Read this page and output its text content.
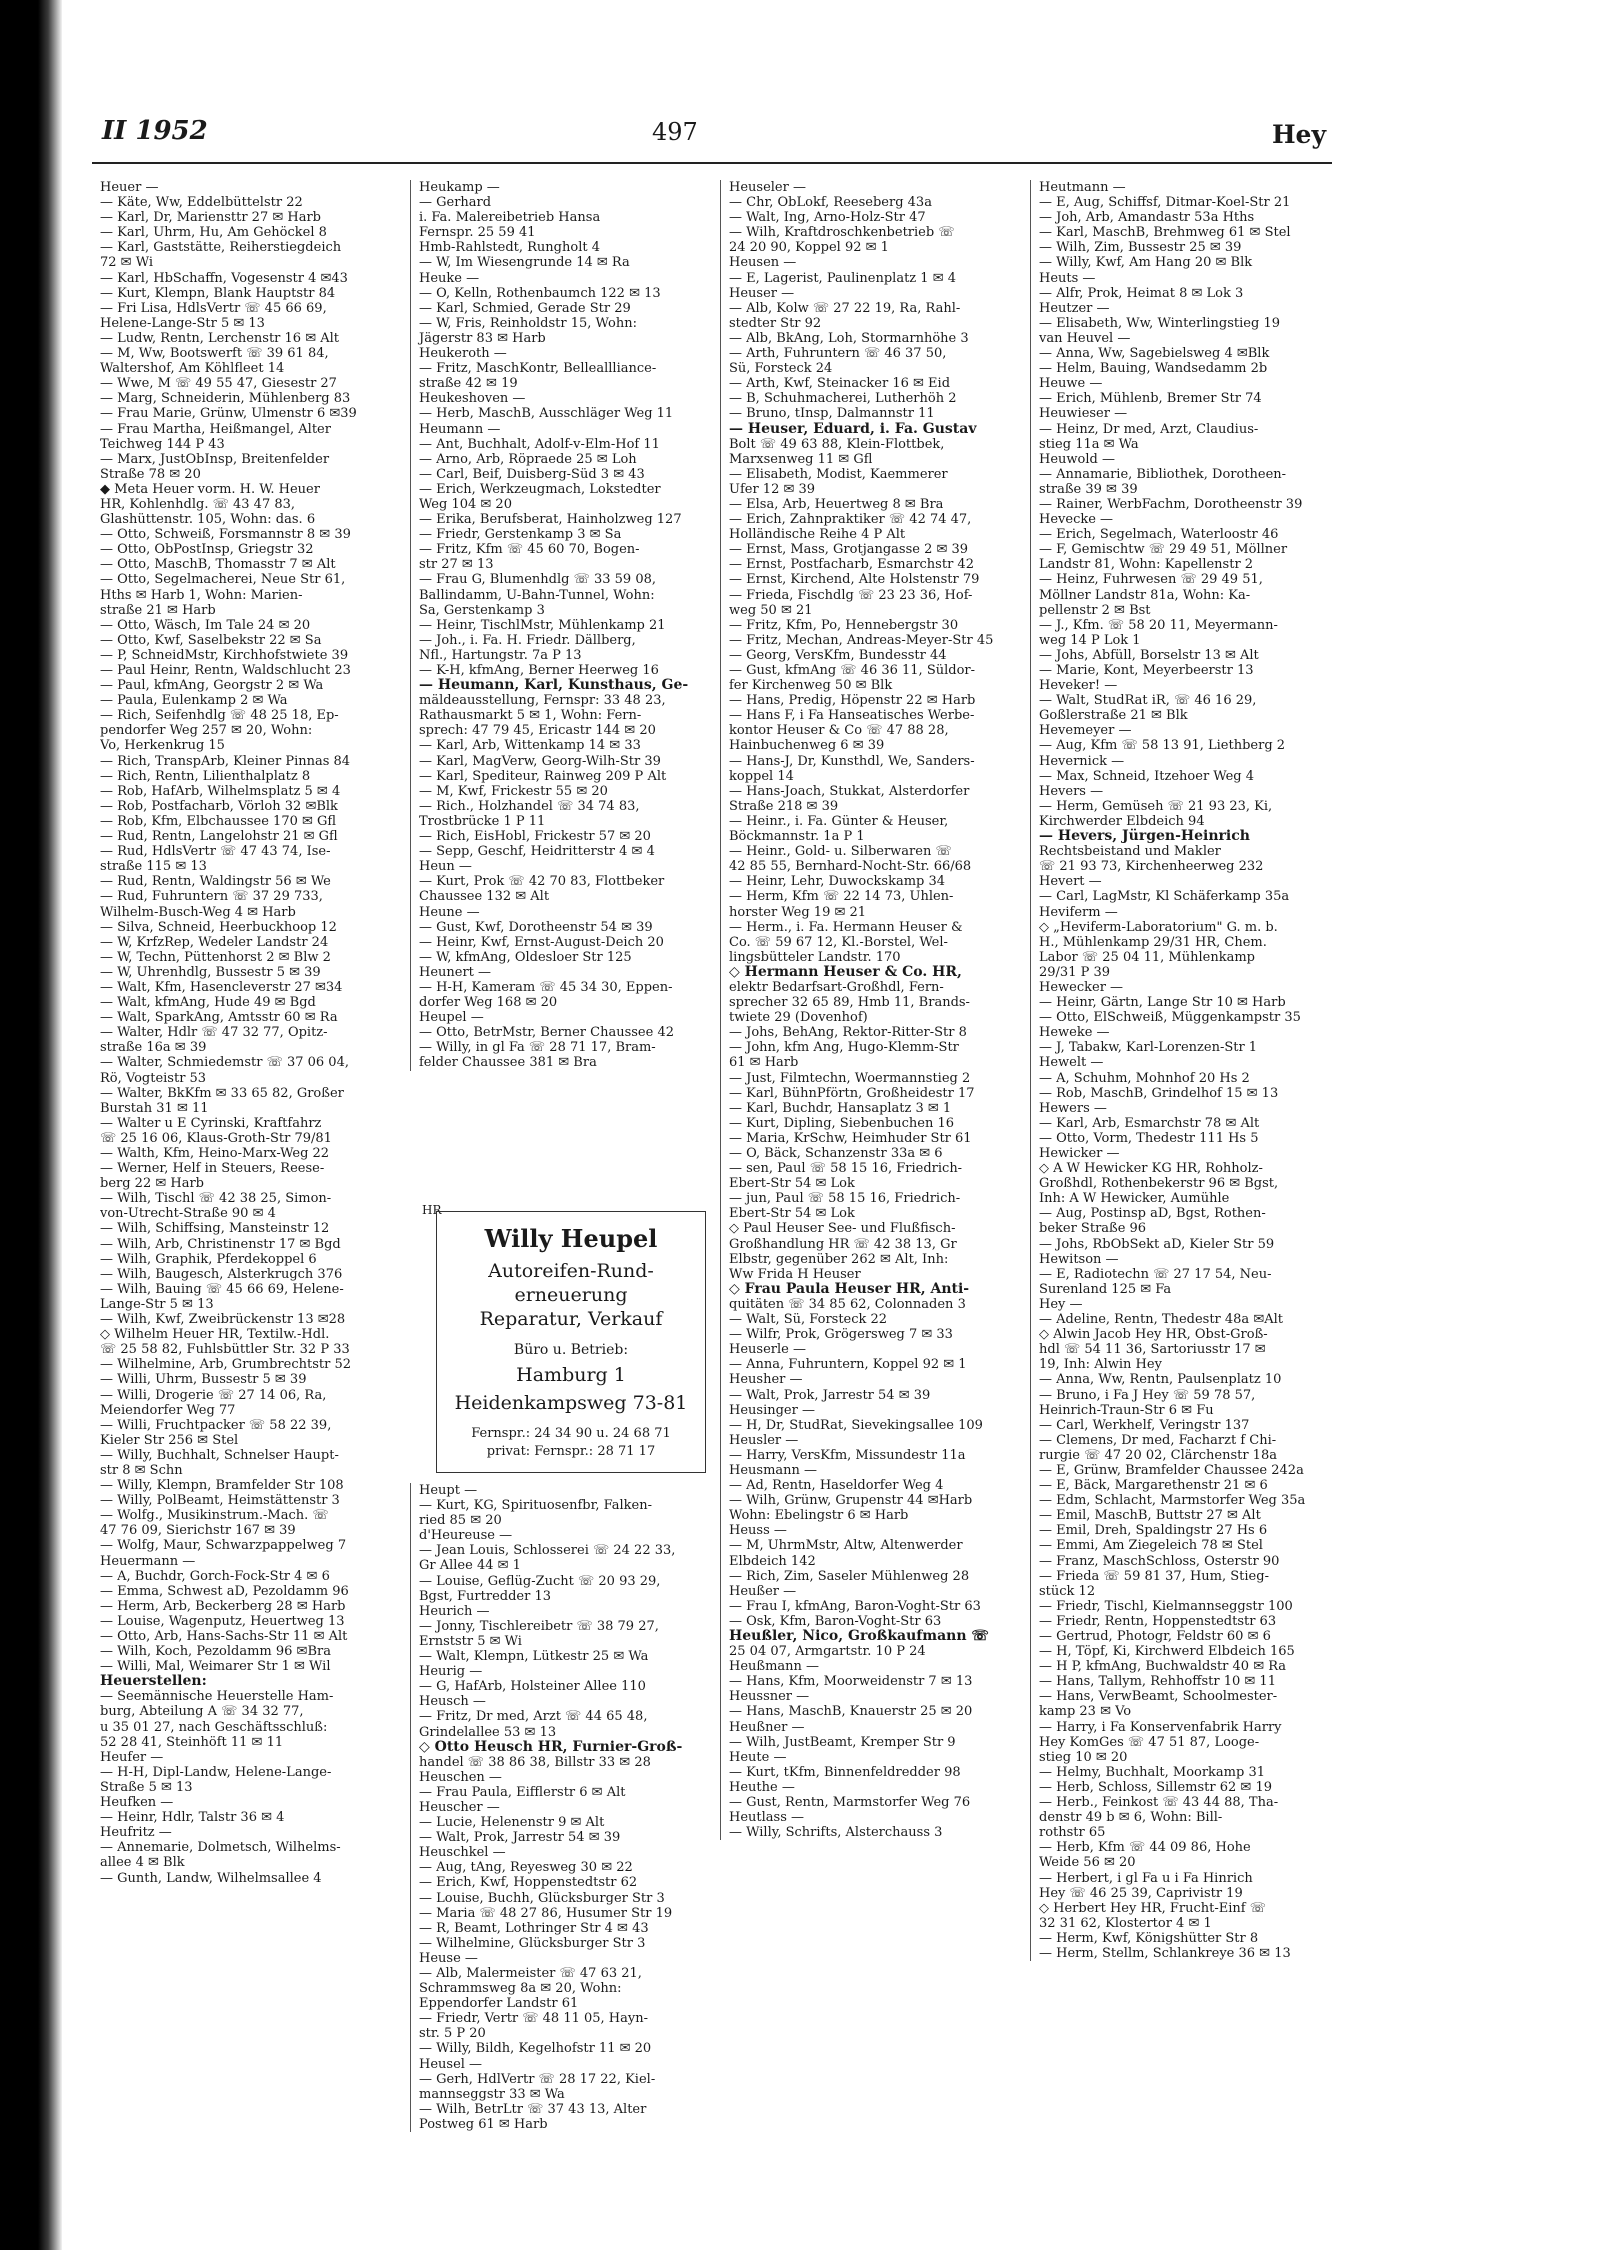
II 1952	497	Hey
Heuer —
— Käte, Ww, Eddelbüttelstr 22
— Karl, Dr, Mariensttr 27 ✉ Harb
— Karl, Uhrm, Hu, Am Gehöckel 8
— Karl, Gaststätte, Reiherstiegdeich
72 ✉ Wi
— Karl, HbSchaffn, Vogesenstr 4 ✉43
— Kurt, Klempn, Blank Hauptstr 84
— Fri Lisa, HdlsVertr ☏ 45 66 69,
Helene-Lange-Str 5 ✉ 13
— Ludw, Rentn, Lerchenstr 16 ✉ Alt
— M, Ww, Bootswerft ☏ 39 61 84,
Waltershof, Am Köhlfleet 14
— Wwe, M ☏ 49 55 47, Giesestr 27
— Marg, Schneiderin, Mühlenberg 83
— Frau Marie, Grünw, Ulmenstr 6 ✉39
— Frau Martha, Heißmangel, Alter
Teichweg 144 P 43
— Marx, JustObInsp, Breitenfelder
Straße 78 ✉ 20
◆ Meta Heuer vorm. H. W. Heuer
HR, Kohlenhdlg. ☏ 43 47 83,
Glashüttenstr. 105, Wohn: das. 6
— Otto, Schweiß, Forsmannstr 8 ✉ 39
— Otto, ObPostInsp, Griegstr 32
— Otto, MaschB, Thomasstr 7 ✉ Alt
— Otto, Segelmacherei, Neue Str 61,
Hths ✉ Harb 1, Wohn: Marien-
straße 21 ✉ Harb
— Otto, Wäsch, Im Tale 24 ✉ 20
— Otto, Kwf, Saselbekstr 22 ✉ Sa
— P, SchneidMstr, Kirchhofstwiete 39
— Paul Heinr, Rentn, Waldschlucht 23
— Paul, kfmAng, Georgstr 2 ✉ Wa
— Paula, Eulenkamp 2 ✉ Wa
— Rich, Seifenhdlg ☏ 48 25 18, Ep-
pendorfer Weg 257 ✉ 20, Wohn:
Vo, Herkenkrug 15
— Rich, TranspArb, Kleiner Pinnas 84
— Rich, Rentn, Lilienthalplatz 8
— Rob, HafArb, Wilhelmsplatz 5 ✉ 4
— Rob, Postfacharb, Vörloh 32 ✉Blk
— Rob, Kfm, Elbchaussee 170 ✉ Gfl
— Rud, Rentn, Langelohstr 21 ✉ Gfl
— Rud, HdlsVertr ☏ 47 43 74, Ise-
straße 115 ✉ 13
— Rud, Rentn, Waldingstr 56 ✉ We
— Rud, Fuhruntern ☏ 37 29 733,
Wilhelm-Busch-Weg 4 ✉ Harb
— Silva, Schneid, Heerbuckhoop 12
— W, KrfzRep, Wedeler Landstr 24
— W, Techn, Püttenhorst 2 ✉ Blw 2
— W, Uhrenhdlg, Bussestr 5 ✉ 39
— Walt, Kfm, Hasencleverstr 27 ✉34
— Walt, kfmAng, Hude 49 ✉ Bgd
— Walt, SparkAng, Amtsstr 60 ✉ Ra
— Walter, Hdlr ☏ 47 32 77, Opitz-
straße 16a ✉ 39
— Walter, Schmiedemstr ☏ 37 06 04,
Rö, Vogteistr 53
— Walter, BkKfm ✉ 33 65 82, Großer
Burstah 31 ✉ 11
— Walter u E Cyrinski, Kraftfahrz
☏ 25 16 06, Klaus-Groth-Str 79/81
— Walth, Kfm, Heino-Marx-Weg 22
— Werner, Helf in Steuers, Reese-
berg 22 ✉ Harb
— Wilh, Tischl ☏ 42 38 25, Simon-
von-Utrecht-Straße 90 ✉ 4
— Wilh, Schiffsing, Mansteinstr 12
— Wilh, Arb, Christinenstr 17 ✉ Bgd
— Wilh, Graphik, Pferdekoppel 6
— Wilh, Baugesch, Alsterkrugch 376
— Wilh, Bauing ☏ 45 66 69, Helene-
Lange-Str 5 ✉ 13
— Wilh, Kwf, Zweibrückenstr 13 ✉28
◇ Wilhelm Heuer HR, Textilw.-Hdl.
☏ 25 58 82, Fuhlsbüttler Str. 32 P 33
— Wilhelmine, Arb, Grumbrechtstr 52
— Willi, Uhrm, Bussestr 5 ✉ 39
— Willi, Drogerie ☏ 27 14 06, Ra,
Meiendorfer Weg 77
— Willi, Fruchtpacker ☏ 58 22 39,
Kieler Str 256 ✉ Stel
— Willy, Buchhalt, Schnelser Haupt-
str 8 ✉ Schn
— Willy, Klempn, Bramfelder Str 108
— Willy, PolBeamt, Heimstättenstr 3
— Wolfg., Musikinstrum.-Mach. ☏
47 76 09, Sierichstr 167 ✉ 39
— Wolfg, Maur, Schwarzpappelweg 7
Heuermann —
— A, Buchdr, Gorch-Fock-Str 4 ✉ 6
— Emma, Schwest aD, Pezoldamm 96
— Herm, Arb, Beckerberg 28 ✉ Harb
— Louise, Wagenputz, Heuertweg 13
— Otto, Arb, Hans-Sachs-Str 11 ✉ Alt
— Wilh, Koch, Pezoldamm 96 ✉Bra
— Willi, Mal, Weimarer Str 1 ✉ Wil
Heuerstellen:
— Seemännische Heuerstelle Ham-
burg, Abteilung A ☏ 34 32 77,
u 35 01 27, nach Geschäftsschluß:
52 28 41, Steinhöft 11 ✉ 11
Heufer —
— H-H, Dipl-Landw, Helene-Lange-
Straße 5 ✉ 13
Heufken —
— Heinr, Hdlr, Talstr 36 ✉ 4
Heufritz —
— Annemarie, Dolmetsch, Wilhelms-
allee 4 ✉ Blk
— Gunth, Landw, Wilhelmsallee 4
Heukamp —
— Gerhard
i. Fa. Malereibetrieb Hansa
Fernspr. 25 59 41
Hmb-Rahlstedt, Rungholt 4
— W, Im Wiesengrunde 14 ✉ Ra
Heuke —
— O, Kelln, Rothenbaumch 122 ✉ 13
— Karl, Schmied, Gerade Str 29
— W, Fris, Reinholdstr 15, Wohn:
Jägerstr 83 ✉ Harb
Heukeroth —
— Fritz, MaschKontr, Belleallliance-
straße 42 ✉ 19
Heukeshoven —
— Herb, MaschB, Ausschläger Weg 11
Heumann —
— Ant, Buchhalt, Adolf-v-Elm-Hof 11
— Arno, Arb, Röpraede 25 ✉ Loh
— Carl, Beif, Duisberg-Süd 3 ✉ 43
— Erich, Werkzeugmach, Lokstedter
Weg 104 ✉ 20
— Erika, Berufsberat, Hainholzweg 127
— Friedr, Gerstenkamp 3 ✉ Sa
— Fritz, Kfm ☏ 45 60 70, Bogen-
str 27 ✉ 13
— Frau G, Blumenhdlg ☏ 33 59 08,
Ballindamm, U-Bahn-Tunnel, Wohn:
Sa, Gerstenkamp 3
— Heinr, TischlMstr, Mühlenkamp 21
— Joh., i. Fa. H. Friedr. Dällberg,
Nfl., Hartungstr. 7a P 13
— K-H, kfmAng, Berner Heerweg 16
— Heumann, Karl, Kunsthaus, Ge-
mäldeausstellung, Fernspr: 33 48 23,
Rathausmarkt 5 ✉ 1, Wohn: Fern-
sprech: 47 79 45, Ericastr 144 ✉ 20
— Karl, Arb, Wittenkamp 14 ✉ 33
— Karl, MagVerw, Georg-Wilh-Str 39
— Karl, Spediteur, Rainweg 209 P Alt
— M, Kwf, Frickestr 55 ✉ 20
— Rich., Holzhandel ☏ 34 74 83,
Trostbrücke 1 P 11
— Rich, EisHobl, Frickestr 57 ✉ 20
— Sepp, Geschf, Heidritterstr 4 ✉ 4
Heun —
— Kurt, Prok ☏ 42 70 83, Flottbeker
Chaussee 132 ✉ Alt
Heune —
— Gust, Kwf, Dorotheenstr 54 ✉ 39
— Heinr, Kwf, Ernst-August-Deich 20
— W, kfmAng, Oldesloer Str 125
Heunert —
— H-H, Kameram ☏ 45 34 30, Eppen-
dorfer Weg 168 ✉ 20
Heupel —
— Otto, BetrMstr, Berner Chaussee 42
— Willy, in gl Fa ☏ 28 71 17, Bram-
felder Chaussee 381 ✉ Bra
HR
Willy Heupel
Autoreifen-Rund-
erneuerung
Reparatur, Verkauf
Büro u. Betrieb:
Hamburg 1
Heidenkampsweg 73-81
Fernspr.: 24 34 90 u. 24 68 71
privat: Fernspr.: 28 71 17
Heupt —
— Kurt, KG, Spirituosenfbr, Falken-
ried 85 ✉ 20
d'Heureuse —
— Jean Louis, Schlosserei ☏ 24 22 33,
Gr Allee 44 ✉ 1
— Louise, Geflüg-Zucht ☏ 20 93 29,
Bgst, Furtredder 13
Heurich —
— Jonny, Tischlereibetr ☏ 38 79 27,
Ernststr 5 ✉ Wi
— Walt, Klempn, Lütkestr 25 ✉ Wa
Heurig —
— G, HafArb, Holsteiner Allee 110
Heusch —
— Fritz, Dr med, Arzt ☏ 44 65 48,
Grindelallee 53 ✉ 13
◇ Otto Heusch HR, Furnier-Groß-
handel ☏ 38 86 38, Billstr 33 ✉ 28
Heuschen —
— Frau Paula, Eifflerstr 6 ✉ Alt
Heuscher —
— Lucie, Helenenstr 9 ✉ Alt
— Walt, Prok, Jarrestr 54 ✉ 39
Heuschkel —
— Aug, tAng, Reyesweg 30 ✉ 22
— Erich, Kwf, Hoppenstedtstr 62
— Louise, Buchh, Glücksburger Str 3
— Maria ☏ 48 27 86, Husumer Str 19
— R, Beamt, Lothringer Str 4 ✉ 43
— Wilhelmine, Glücksburger Str 3
Heuse —
— Alb, Malermeister ☏ 47 63 21,
Schrammsweg 8a ✉ 20, Wohn:
Eppendorfer Landstr 61
— Friedr, Vertr ☏ 48 11 05, Hayn-
str. 5 P 20
— Willy, Bildh, Kegelhofstr 11 ✉ 20
Heusel —
— Gerh, HdlVertr ☏ 28 17 22, Kiel-
mannseggstr 33 ✉ Wa
— Wilh, BetrLtr ☏ 37 43 13, Alter
Postweg 61 ✉ Harb
Heuseler —
— Chr, ObLokf, Reeseberg 43a
— Walt, Ing, Arno-Holz-Str 47
— Wilh, Kraftdroschkenbetrieb ☏
24 20 90, Koppel 92 ✉ 1
Heusen —
— E, Lagerist, Paulinenplatz 1 ✉ 4
Heuser —
— Alb, Kolw ☏ 27 22 19, Ra, Rahl-
stedter Str 92
— Alb, BkAng, Loh, Stormarnhöhe 3
— Arth, Fuhruntern ☏ 46 37 50,
Sü, Forsteck 24
— Arth, Kwf, Steinacker 16 ✉ Eid
— B, Schuhmacherei, Lutherhöh 2
— Bruno, tInsp, Dalmannstr 11
— Heuser, Eduard, i. Fa. Gustav
Bolt ☏ 49 63 88, Klein-Flottbek,
Marxsenweg 11 ✉ Gfl
— Elisabeth, Modist, Kaemmerer
Ufer 12 ✉ 39
— Elsa, Arb, Heuertweg 8 ✉ Bra
— Erich, Zahnpraktiker ☏ 42 74 47,
Holländische Reihe 4 P Alt
— Ernst, Mass, Grotjangasse 2 ✉ 39
— Ernst, Postfacharb, Esmarchstr 42
— Ernst, Kirchend, Alte Holstenstr 79
— Frieda, Fischdlg ☏ 23 23 36, Hof-
weg 50 ✉ 21
— Fritz, Kfm, Po, Hennebergstr 30
— Fritz, Mechan, Andreas-Meyer-Str 45
— Georg, VersKfm, Bundesstr 44
— Gust, kfmAng ☏ 46 36 11, Süldor-
fer Kirchenweg 50 ✉ Blk
— Hans, Predig, Höpenstr 22 ✉ Harb
— Hans F, i Fa Hanseatisches Werbe-
kontor Heuser & Co ☏ 47 88 28,
Hainbuchenweg 6 ✉ 39
— Hans-J, Dr, Kunsthdl, We, Sanders-
koppel 14
— Hans-Joach, Stukkat, Alsterdorfer
Straße 218 ✉ 39
— Heinr., i. Fa. Günter & Heuser,
Böckmannstr. 1a P 1
— Heinr., Gold- u. Silberwaren ☏
42 85 55, Bernhard-Nocht-Str. 66/68
— Heinr, Lehr, Duwockskamp 34
— Herm, Kfm ☏ 22 14 73, Uhlen-
horster Weg 19 ✉ 21
— Herm., i. Fa. Hermann Heuser &
Co. ☏ 59 67 12, Kl.-Borstel, Wel-
lingsbütteler Landstr. 170
◇ Hermann Heuser & Co. HR,
elektr Bedarfsart-Großhdl, Fern-
sprecher 32 65 89, Hmb 11, Brands-
twiete 29 (Dovenhof)
— Johs, BehAng, Rektor-Ritter-Str 8
— John, kfm Ang, Hugo-Klemm-Str
61 ✉ Harb
— Just, Filmtechn, Woermannstieg 2
— Karl, BühnPförtn, Großheidestr 17
— Karl, Buchdr, Hansaplatz 3 ✉ 1
— Kurt, Dipling, Siebenbuchen 16
— Maria, KrSchw, Heimhuder Str 61
— O, Bäck, Schanzenstr 33a ✉ 6
— sen, Paul ☏ 58 15 16, Friedrich-
Ebert-Str 54 ✉ Lok
— jun, Paul ☏ 58 15 16, Friedrich-
Ebert-Str 54 ✉ Lok
◇ Paul Heuser See- und Flußfisch-
Großhandlung HR ☏ 42 38 13, Gr
Elbstr, gegenüber 262 ✉ Alt, Inh:
Ww Frida H Heuser
◇ Frau Paula Heuser HR, Anti-
quitäten ☏ 34 85 62, Colonnaden 3
— Walt, Sü, Forsteck 22
— Wilfr, Prok, Grögersweg 7 ✉ 33
Heuserle —
— Anna, Fuhruntern, Koppel 92 ✉ 1
Heusher —
— Walt, Prok, Jarrestr 54 ✉ 39
Heusinger —
— H, Dr, StudRat, Sievekingsallee 109
Heusler —
— Harry, VersKfm, Missundestr 11a
Heusmann —
— Ad, Rentn, Haseldorfer Weg 4
— Wilh, Grünw, Grupenstr 44 ✉Harb
Wohn: Ebelingstr 6 ✉ Harb
Heuss —
— M, UhrmMstr, Altw, Altenwerder
Elbdeich 142
— Rich, Zim, Saseler Mühlenweg 28
Heußer —
— Frau I, kfmAng, Baron-Voght-Str 63
— Osk, Kfm, Baron-Voght-Str 63
Heußler, Nico, Großkaufmann ☏
25 04 07, Armgartstr. 10 P 24
Heußmann —
— Hans, Kfm, Moorweidenstr 7 ✉ 13
Heussner —
— Hans, MaschB, Knauerstr 25 ✉ 20
Heußner —
— Wilh, JustBeamt, Kremper Str 9
Heute —
— Kurt, tKfm, Binnenfeldredder 98
Heuthe —
— Gust, Rentn, Marmstorfer Weg 76
Heutlass —
— Willy, Schrifts, Alsterchauss 3
Heutmann —
— E, Aug, Schiffsf, Ditmar-Koel-Str 21
— Joh, Arb, Amandastr 53a Hths
— Karl, MaschB, Brehmweg 61 ✉ Stel
— Wilh, Zim, Bussestr 25 ✉ 39
— Willy, Kwf, Am Hang 20 ✉ Blk
Heuts —
— Alfr, Prok, Heimat 8 ✉ Lok 3
Heutzer —
— Elisabeth, Ww, Winterlingstieg 19
van Heuvel —
— Anna, Ww, Sagebielsweg 4 ✉Blk
— Helm, Bauing, Wandsedamm 2b
Heuwe —
— Erich, Mühlenb, Bremer Str 74
Heuwieser —
— Heinz, Dr med, Arzt, Claudius-
stieg 11a ✉ Wa
Heuwold —
— Annamarie, Bibliothek, Dorotheen-
straße 39 ✉ 39
— Rainer, WerbFachm, Dorotheenstr 39
Hevecke —
— Erich, Segelmach, Waterloostr 46
— F, Gemischtw ☏ 29 49 51, Möllner
Landstr 81, Wohn: Kapellenstr 2
— Heinz, Fuhrwesen ☏ 29 49 51,
Möllner Landstr 81a, Wohn: Ka-
pellenstr 2 ✉ Bst
— J., Kfm. ☏ 58 20 11, Meyermann-
weg 14 P Lok 1
— Johs, Abfüll, Borselstr 13 ✉ Alt
— Marie, Kont, Meyerbeerstr 13
Heveker! —
— Walt, StudRat iR, ☏ 46 16 29,
Goßlerstraße 21 ✉ Blk
Hevemeyer —
— Aug, Kfm ☏ 58 13 91, Liethberg 2
Hevernick —
— Max, Schneid, Itzehoer Weg 4
Hevers —
— Herm, Gemüseh ☏ 21 93 23, Ki,
Kirchwerder Elbdeich 94
— Hevers, Jürgen-Heinrich
Rechtsbeistand und Makler
☏ 21 93 73, Kirchenheerweg 232
Hevert —
— Carl, LagMstr, Kl Schäferkamp 35a
Heviferm —
◇ „Heviferm-Laboratorium" G. m. b.
H., Mühlenkamp 29/31 HR, Chem.
Labor ☏ 25 04 11, Mühlenkamp
29/31 P 39
Hewecker —
— Heinr, Gärtn, Lange Str 10 ✉ Harb
— Otto, ElSchweiß, Müggenkampstr 35
Heweke —
— J, Tabakw, Karl-Lorenzen-Str 1
Hewelt —
— A, Schuhm, Mohnhof 20 Hs 2
— Rob, MaschB, Grindelhof 15 ✉ 13
Hewers —
— Karl, Arb, Esmarchstr 78 ✉ Alt
— Otto, Vorm, Thedestr 111 Hs 5
Hewicker —
◇ A W Hewicker KG HR, Rohholz-
Großhdl, Rothenbekerstr 96 ✉ Bgst,
Inh: A W Hewicker, Aumühle
— Aug, Postinsp aD, Bgst, Rothen-
beker Straße 96
— Johs, RbObSekt aD, Kieler Str 59
Hewitson —
— E, Radiotechn ☏ 27 17 54, Neu-
Surenland 125 ✉ Fa
Hey —
— Adeline, Rentn, Thedestr 48a ✉Alt
◇ Alwin Jacob Hey HR, Obst-Groß-
hdl ☏ 54 11 36, Sartoriusstr 17 ✉
19, Inh: Alwin Hey
— Anna, Ww, Rentn, Paulsenplatz 10
— Bruno, i Fa J Hey ☏ 59 78 57,
Heinrich-Traun-Str 6 ✉ Fu
— Carl, Werkhelf, Veringstr 137
— Clemens, Dr med, Facharzt f Chi-
rurgie ☏ 47 20 02, Clärchenstr 18a
— E, Grünw, Bramfelder Chaussee 242a
— E, Bäck, Margarethenstr 21 ✉ 6
— Edm, Schlacht, Marmstorfer Weg 35a
— Emil, MaschB, Buttstr 27 ✉ Alt
— Emil, Dreh, Spaldingstr 27 Hs 6
— Emmi, Am Ziegeleich 78 ✉ Stel
— Franz, MaschSchloss, Osterstr 90
— Frieda ☏ 59 81 37, Hum, Stieg-
stück 12
— Friedr, Tischl, Kielmannseggstr 100
— Friedr, Rentn, Hoppenstedtstr 63
— Gertrud, Photogr, Feldstr 60 ✉ 6
— H, Töpf, Ki, Kirchwerd Elbdeich 165
— H P, kfmAng, Buchwaldstr 40 ✉ Ra
— Hans, Tallym, Rehhoffstr 10 ✉ 11
— Hans, VerwBeamt, Schoolmester-
kamp 23 ✉ Vo
— Harry, i Fa Konservenfabrik Harry
Hey KomGes ☏ 47 51 87, Looge-
stieg 10 ✉ 20
— Helmy, Buchhalt, Moorkamp 31
— Herb, Schloss, Sillemstr 62 ✉ 19
— Herb., Feinkost ☏ 43 44 88, Tha-
denstr 49 b ✉ 6, Wohn: Bill-
rothstr 65
— Herb, Kfm ☏ 44 09 86, Hohe
Weide 56 ✉ 20
— Herbert, i gl Fa u i Fa Hinrich
Hey ☏ 46 25 39, Caprivistr 19
◇ Herbert Hey HR, Frucht-Einf ☏
32 31 62, Klostertor 4 ✉ 1
— Herm, Kwf, Königshütter Str 8
— Herm, Stellm, Schlankreye 36 ✉ 13
